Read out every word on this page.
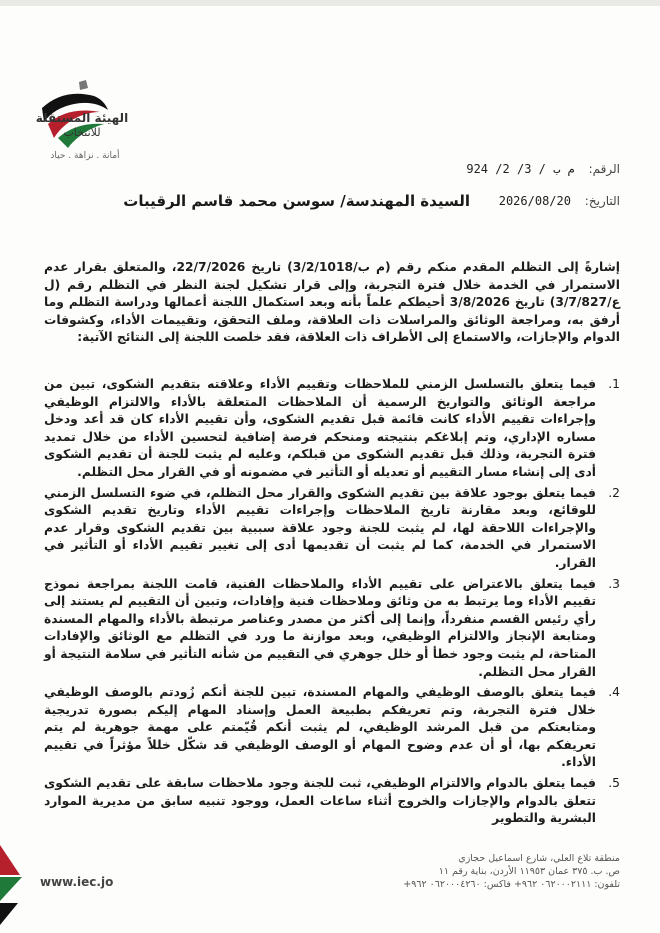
الهيئة المستقلة
للانتخاب
أمانة . نزاهة . حياد
الرقم: م ب / 3/ 2/ 924
التاريخ: 2026/08/20
السيدة المهندسة/ سوسن محمد قاسم الرقيبات
إشارةً إلى التظلم المقدم منكم رقم (م ب/3/2/1018) تاريخ 22/7/2026، والمتعلق بقرار عدم الاستمرار في الخدمة خلال فترة التجربة، وإلى قرار تشكيل لجنة النظر في التظلم رقم (ل ع/3/7/827) تاريخ 3/8/2026 أحيطكم علماً بأنه وبعد استكمال اللجنة أعمالها ودراسة التظلم وما أرفق به، ومراجعة الوثائق والمراسلات ذات العلاقة، وملف التحقق، وتقييمات الأداء، وكشوفات الدوام والإجازات، والاستماع إلى الأطراف ذات العلاقة، فقد خلصت اللجنة إلى النتائج الآتية:
1.
فيما يتعلق بالتسلسل الزمني للملاحظات وتقييم الأداء وعلاقته بتقديم الشكوى، تبين من مراجعة الوثائق والتواريخ الرسمية أن الملاحظات المتعلقة بالأداء والالتزام الوظيفي وإجراءات تقييم الأداء كانت قائمة قبل تقديم الشكوى، وأن تقييم الأداء كان قد أعد ودخل مساره الإداري، وتم إبلاغكم بنتيجته ومنحكم فرصة إضافية لتحسين الأداء من خلال تمديد فترة التجربة، وذلك قبل تقديم الشكوى من قبلكم، وعليه لم يثبت للجنة أن تقديم الشكوى أدى إلى إنشاء مسار التقييم أو تعديله أو التأثير في مضمونه أو في القرار محل التظلم.
2.
فيما يتعلق بوجود علاقة بين تقديم الشكوى والقرار محل التظلم، في ضوء التسلسل الزمني للوقائع، وبعد مقارنة تاريخ الملاحظات وإجراءات تقييم الأداء وتاريخ تقديم الشكوى والإجراءات اللاحقة لها، لم يثبت للجنة وجود علاقة سببية بين تقديم الشكوى وقرار عدم الاستمرار في الخدمة، كما لم يثبت أن تقديمها أدى إلى تغيير تقييم الأداء أو التأثير في القرار.
3.
فيما يتعلق بالاعتراض على تقييم الأداء والملاحظات الفنية، قامت اللجنة بمراجعة نموذج تقييم الأداء وما يرتبط به من وثائق وملاحظات فنية وإفادات، وتبين أن التقييم لم يستند إلى رأي رئيس القسم منفرداً، وإنما إلى أكثر من مصدر وعناصر مرتبطة بالأداء والمهام المسندة ومتابعة الإنجاز والالتزام الوظيفي، وبعد موازنة ما ورد في التظلم مع الوثائق والإفادات المتاحة، لم يثبت وجود خطأ أو خلل جوهري في التقييم من شأنه التأثير في سلامة النتيجة أو القرار محل التظلم.
4.
فيما يتعلق بالوصف الوظيفي والمهام المسندة، تبين للجنة أنكم زُودتم بالوصف الوظيفي خلال فترة التجربة، وتم تعريفكم بطبيعة العمل وإسناد المهام إليكم بصورة تدريجية ومتابعتكم من قبل المرشد الوظيفي، لم يثبت أنكم قُيّمتم على مهمة جوهرية لم يتم تعريفكم بها، أو أن عدم وضوح المهام أو الوصف الوظيفي قد شكّل خللاً مؤثراً في تقييم الأداء.
5.
فيما يتعلق بالدوام والالتزام الوظيفي، ثبت للجنة وجود ملاحظات سابقة على تقديم الشكوى تتعلق بالدوام والإجازات والخروج أثناء ساعات العمل، ووجود تنبيه سابق من مديرية الموارد البشرية والتطوير
www.iec.jo
منطقة تلاع العلي، شارع اسماعيل حجازي
ص. ب. ٣٧٥ عمان ١١٩٥٣ الأردن، بناية رقم ١١
تلفون: ٠٦٢٠٠٠٢١١١ ٩٦٢+ فاكس: ٠٦٢٠٠٠٤٢٦٠ ٩٦٢+
